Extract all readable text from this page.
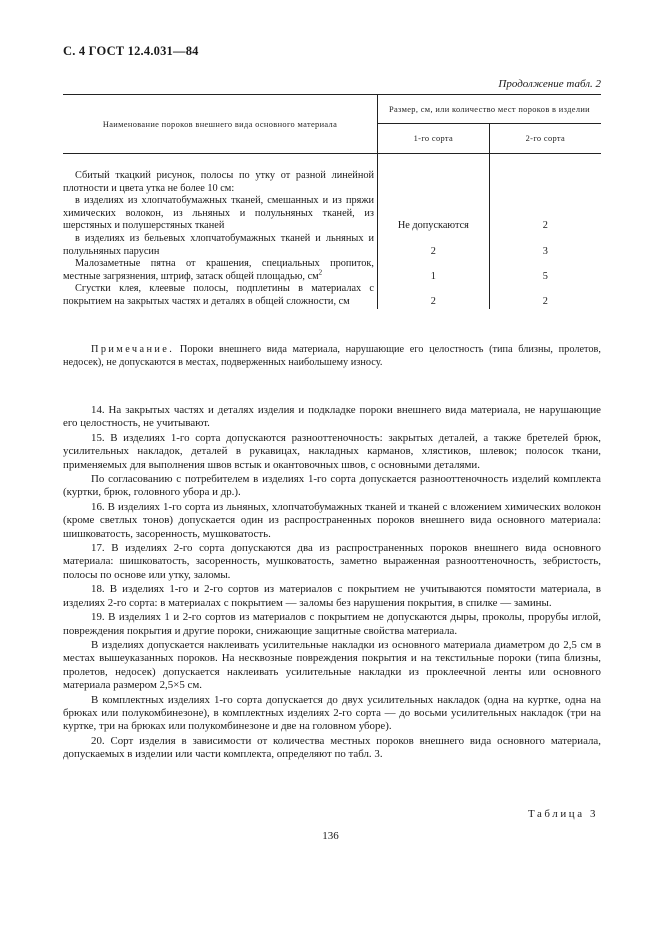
С. 4 ГОСТ 12.4.031—84
Продолжение табл. 2
Наименование пороков внешнего вида основного материала	Размер, см, или количество мест пороков в изделии	
	1-го сорта	2-го сорта

Сбитый ткацкий рисунок, полосы по утку от разной линейной плотности и цвета утка не более 10 см:		
в изделиях из хлопчатобумажных тканей, смешанных и из пряжи химических волокон, из льняных и полульняных тканей, из шерстяных и полушерстяных тканей	Не допускаются	2
в изделиях из бельевых хлопчатобумажных тканей и льняных и полульняных парусин	2	3
Малозаметные пятна от крашения, специальных пропиток, местные загрязнения, штриф, затаск общей площадью, $см^2$	1	5
Сгустки клея, клеевые полосы, подплетины в материалах с покрытием на закрытых частях и деталях в общей сложности, см	2	2
Примечание. Пороки внешнего вида материала, нарушающие его целостность (типа близны, пролетов, недосек), не допускаются в местах, подверженных наибольшему износу.

14. На закрытых частях и деталях изделия и подкладке пороки внешнего вида материала, не нарушающие его целостность, не учитывают.

15. В изделиях 1-го сорта допускаются разнооттеночность: закрытых деталей, а также бретелей брюк, усилительных накладок, деталей в рукавицах, накладных карманов, хлястиков, шлевок; полосок ткани, применяемых для выполнения швов встык и окантовочных швов, с основными деталями.

По согласованию с потребителем в изделиях 1-го сорта допускается разнооттеночность изделий комплекта (куртки, брюк, головного убора и др.).

16. В изделиях 1-го сорта из льняных, хлопчатобумажных тканей и тканей с вложением химических волокон (кроме светлых тонов) допускается один из распространенных пороков внешнего вида основного материала: шишковатость, засоренность, мушковатость.

17. В изделиях 2-го сорта допускаются два из распространенных пороков внешнего вида основного материала: шишковатость, засоренность, мушковатость, заметно выраженная разнооттеночность, зебристость, полосы по основе или утку, заломы.

18. В изделиях 1-го и 2-го сортов из материалов с покрытием не учитываются помятости материала, в изделиях 2-го сорта: в материалах с покрытием — заломы без нарушения покрытия, в спилке — замины.

19. В изделиях 1 и 2-го сортов из материалов с покрытием не допускаются дыры, проколы, прорубы иглой, повреждения покрытия и другие пороки, снижающие защитные свойства материала.

В изделиях допускается наклеивать усилительные накладки из основного материала диаметром до 2,5 см в местах вышеуказанных пороков. На несквозные повреждения покрытия и на текстильные пороки (типа близны, пролетов, недосек) допускается наклеивать усилительные накладки из проклеечной ленты или основного материала размером 2,5×5 см.

В комплектных изделиях 1-го сорта допускается до двух усилительных накладок (одна на куртке, одна на брюках или полукомбинезоне), в комплектных изделиях 2-го сорта — до восьми усилительных накладок (три на куртке, три на брюках или полукомбинезоне и две на головном уборе).

20. Сорт изделия в зависимости от количества местных пороков внешнего вида основного материала, допускаемых в изделии или части комплекта, определяют по табл. 3.

Таблица 3
136
